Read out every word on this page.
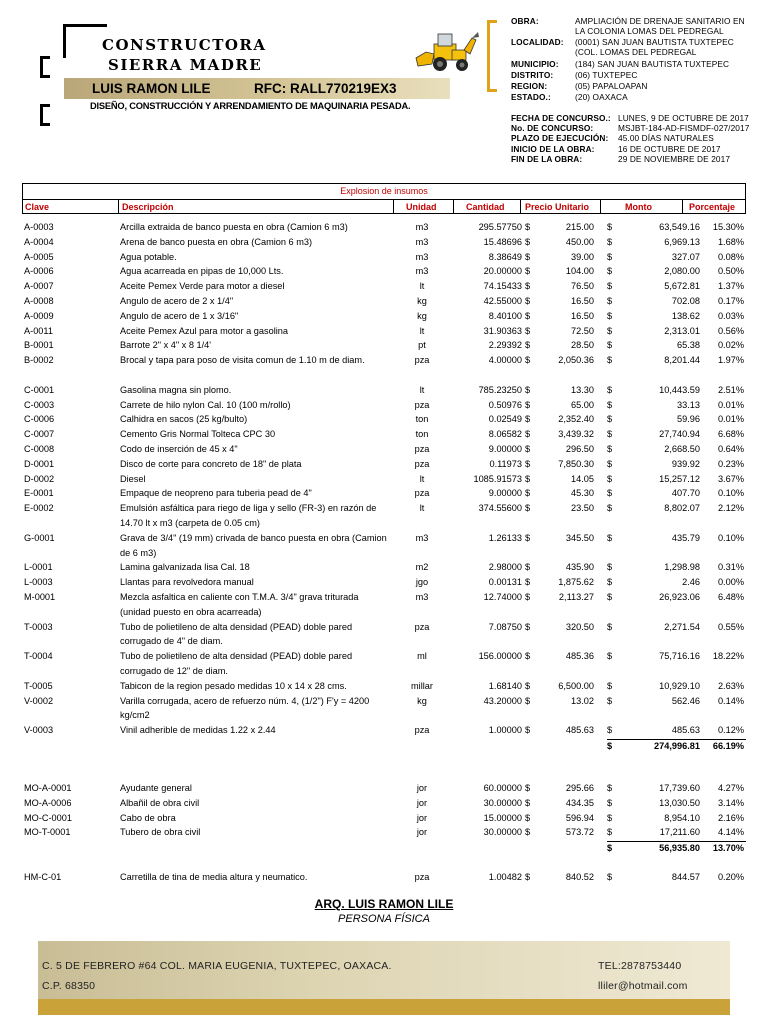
CONSTRUCTORA
SIERRA MADRE
LUIS RAMON LILE	RFC: RALL770219EX3
DISEÑO, CONSTRUCCIÓN Y ARRENDAMIENTO DE MAQUINARIA PESADA.
OBRA:	AMPLIACIÓN DE DRENAJE SANITARIO EN
LA COLONIA LOMAS DEL PEDREGAL
LOCALIDAD: (0001) SAN JUAN BAUTISTA TUXTEPEC
(COL. LOMAS DEL PEDREGAL
MUNICIPIO: (184) SAN JUAN BAUTISTA TUXTEPEC
DISTRITO:	(06) TUXTEPEC
REGION:	(05) PAPALOAPAN
ESTADO.:	(20) OAXACA
FECHA DE CONCURSO.: LUNES, 9 DE OCTUBRE DE 2017
No. DE CONCURSO:	MSJBT-184-AD-FISMDF-027/2017
PLAZO DE EJECUCIÓN: 45.00 DÍAS NATURALES
INICIO DE LA OBRA:	16 DE OCTUBRE DE 2017
FIN DE LA OBRA:	29 DE NOVIEMBRE DE 2017
Explosion de insumos
Clave	Descripción	Unidad	Cantidad Precio Unitario	Monto	Porcentaje
A-0003	Arcilla extraida de banco puesta en obra (Camion 6 m3)	m3	295.57750 $	215.00 $	63,549.16	15.30%
A-0004	Arena de banco puesta en obra (Camion 6 m3)	m3	15.48696 $	450.00 $	6,969.13	1.68%
A-0005	Agua potable.	m3	8.38649 $	39.00 $	327.07	0.08%
A-0006	Agua acarreada en pipas de 10,000 Lts.	m3	20.00000 $	104.00 $	2,080.00	0.50%
A-0007	Aceite Pemex Verde para motor a diesel	lt	74.15433 $	76.50 $	5,672.81	1.37%
A-0008	Angulo de acero de 2 x 1/4"	kg	42.55000 $	16.50 $	702.08	0.17%
A-0009	Angulo de acero de 1 x 3/16"	kg	8.40100 $	16.50 $	138.62	0.03%
A-0011	Aceite Pemex Azul para motor a gasolina	lt	31.90363 $	72.50 $	2,313.01	0.56%
B-0001	Barrote 2" x 4" x 8 1/4'	pt	2.29392 $	28.50 $	65.38	0.02%
B-0002	Brocal y tapa para poso de visita comun de 1.10 m de diam.	pza	4.00000 $	2,050.36 $	8,201.44	1.97%
C-0001	Gasolina magna sin plomo.	lt	785.23250 $	13.30 $	10,443.59	2.51%
C-0003	Carrete de hilo nylon Cal. 10 (100 m/rollo)	pza	0.50976 $	65.00 $	33.13	0.01%
C-0006	Calhidra en sacos (25 kg/bulto)	ton	0.02549 $	2,352.40 $	59.96	0.01%
C-0007	Cemento Gris Normal Tolteca CPC 30	ton	8.06582 $	3,439.32 $	27,740.94	6.68%
C-0008	Codo de inserción de 45 x 4"	pza	9.00000 $	296.50 $	2,668.50	0.64%
D-0001	Disco de corte para concreto de 18" de plata	pza	0.11973 $	7,850.30 $	939.92	0.23%
D-0002	Diesel	lt	1085.91573 $	14.05 $	15,257.12	3.67%
E-0001	Empaque de neopreno para tuberia pead de 4"	pza	9.00000 $	45.30 $	407.70	0.10%
E-0002	Emulsión asfáltica para riego de liga y sello (FR-3) en razón de 14.70 lt x m3 (carpeta de 0.05 cm)
lt	374.55600 $	23.50 $	8,802.07	2.12%
G-0001	Grava de 3/4" (19 mm) crivada de banco puesta en obra (Camion de 6 m3)
m3	1.26133 $	345.50 $	435.79	0.10%
L-0001	Lamina galvanizada lisa Cal. 18	m2	2.98000 $	435.90 $	1,298.98	0.31%
L-0003	Llantas para revolvedora manual	jgo	0.00131 $	1,875.62 $	2.46	0.00%
M-0001	Mezcla asfaltica en caliente con T.M.A. 3/4" grava triturada (unidad puesto en obra acarreada)
m3	12.74000 $	2,113.27 $	26,923.06	6.48%
T-0003	Tubo de polietileno de alta densidad (PEAD) doble pared corrugado de 4" de diam.
pza	7.08750 $	320.50 $	2,271.54	0.55%
T-0004	Tubo de polietileno de alta densidad (PEAD) doble pared corrugado de 12" de diam.
ml	156.00000 $	485.36 $	75,716.16	18.22%
T-0005	Tabicon de la region pesado medidas 10 x 14 x 28 cms.	millar	1.68140 $	6,500.00 $	10,929.10	2.63%
V-0002	Varilla corrugada, acero de refuerzo núm. 4, (1/2") F'y = 4200 kg/cm2
kg	43.20000 $	13.02 $	562.46	0.14%
V-0003	Vinil adherible de medidas 1.22 x 2.44	pza	1.00000 $	485.63 $	485.63	0.12%
$	274,996.81	66.19%
MO-A-0001	Ayudante general	jor	60.00000 $	295.66 $	17,739.60	4.27%
MO-A-0006	Albañil de obra civil	jor	30.00000 $	434.35 $	13,030.50	3.14%
MO-C-0001	Cabo de obra	jor	15.00000 $	596.94 $	8,954.10	2.16%
MO-T-0001	Tubero de obra civil	jor	30.00000 $	573.72 $	17,211.60	4.14%
$	56,935.80	13.70%
HM-C-01	Carretilla de tina de media altura y neumatico.	pza	1.00482 $	840.52 $	844.57	0.20%
ARQ. LUIS RAMON LILE
PERSONA FÍSICA
C. 5 DE FEBRERO #64 COL. MARIA EUGENIA, TUXTEPEC, OAXACA.
C.P. 68350
TEL:2878753440
lliler@hotmail.com
